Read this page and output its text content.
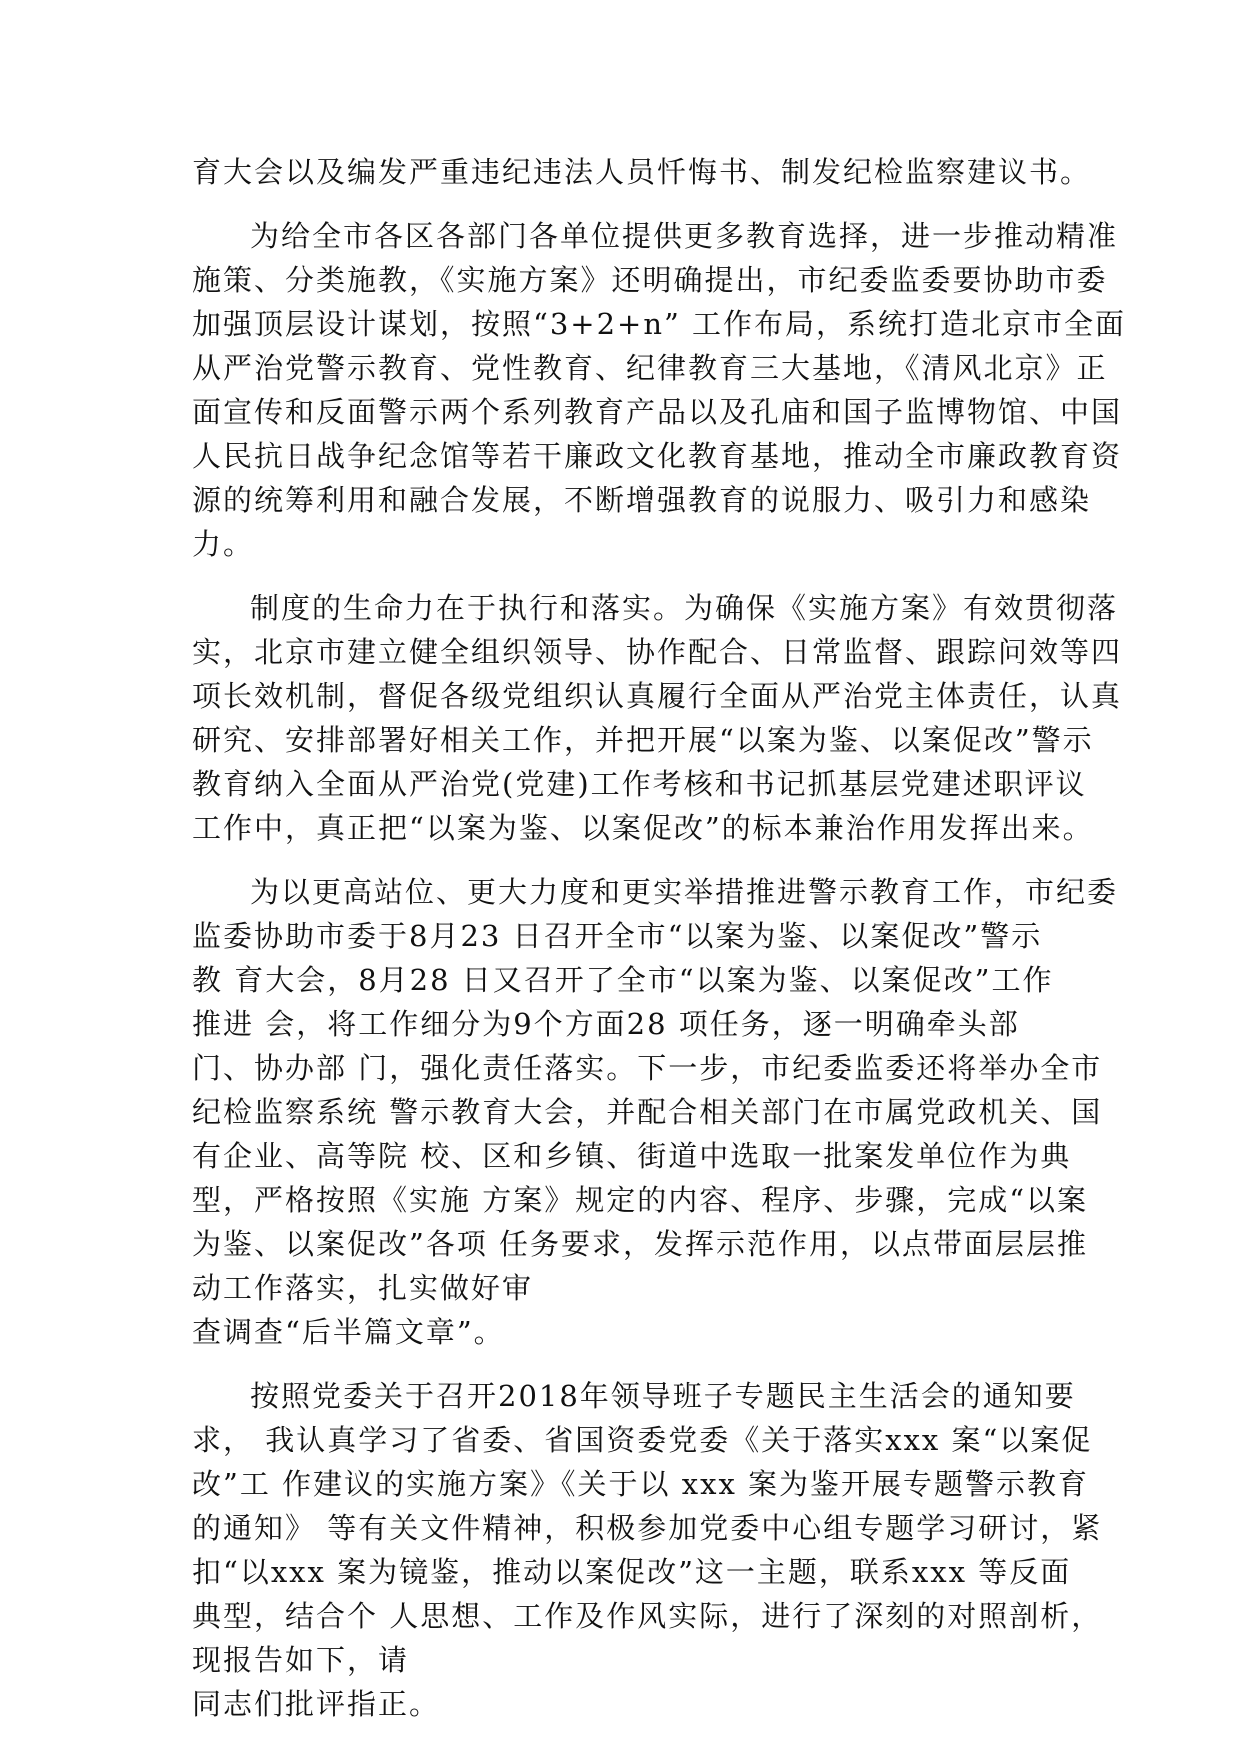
育大会以及编发严重违纪违法人员忏悔书、制发纪检监察建议书。
为给全市各区各部门各单位提供更多教育选择，进一步推动精准
施策、分类施教，《实施方案》还明确提出，市纪委监委要协助市委
加强顶层设计谋划，按照“3+2+n” 工作布局，系统打造北京市全面
从严治党警示教育、党性教育、纪律教育三大基地，《清风北京》正
面宣传和反面警示两个系列教育产品以及孔庙和国子监博物馆、中国
人民抗日战争纪念馆等若干廉政文化教育基地，推动全市廉政教育资
源的统筹利用和融合发展，不断增强教育的说服力、吸引力和感染
力。
制度的生命力在于执行和落实。为确保《实施方案》有效贯彻落
实，北京市建立健全组织领导、协作配合、日常监督、跟踪问效等四
项长效机制，督促各级党组织认真履行全面从严治党主体责任，认真
研究、安排部署好相关工作，并把开展“以案为鉴、以案促改”警示
教育纳入全面从严治党(党建)工作考核和书记抓基层党建述职评议
工作中，真正把“以案为鉴、以案促改”的标本兼治作用发挥出来。
为以更高站位、更大力度和更实举措推进警示教育工作，市纪委
监委协助市委于8月23 日召开全市“以案为鉴、以案促改”警示
教 育大会，8月28 日又召开了全市“以案为鉴、以案促改”工作
推进 会，将工作细分为9个方面28 项任务，逐一明确牵头部
门、协办部 门，强化责任落实。下一步，市纪委监委还将举办全市
纪检监察系统 警示教育大会，并配合相关部门在市属党政机关、国
有企业、高等院 校、区和乡镇、街道中选取一批案发单位作为典
型，严格按照《实施 方案》规定的内容、程序、步骤，完成“以案
为鉴、以案促改”各项 任务要求，发挥示范作用，以点带面层层推
动工作落实，扎实做好审
查调查“后半篇文章”。
按照党委关于召开2018年领导班子专题民主生活会的通知要
求， 我认真学习了省委、省国资委党委《关于落实xxx 案“以案促
改”工 作建议的实施方案》《关于以 xxx 案为鉴开展专题警示教育
的通知》 等有关文件精神，积极参加党委中心组专题学习研讨，紧
扣“以xxx 案为镜鉴，推动以案促改”这一主题，联系xxx 等反面
典型，结合个 人思想、工作及作风实际，进行了深刻的对照剖析，
现报告如下，请
同志们批评指正。
